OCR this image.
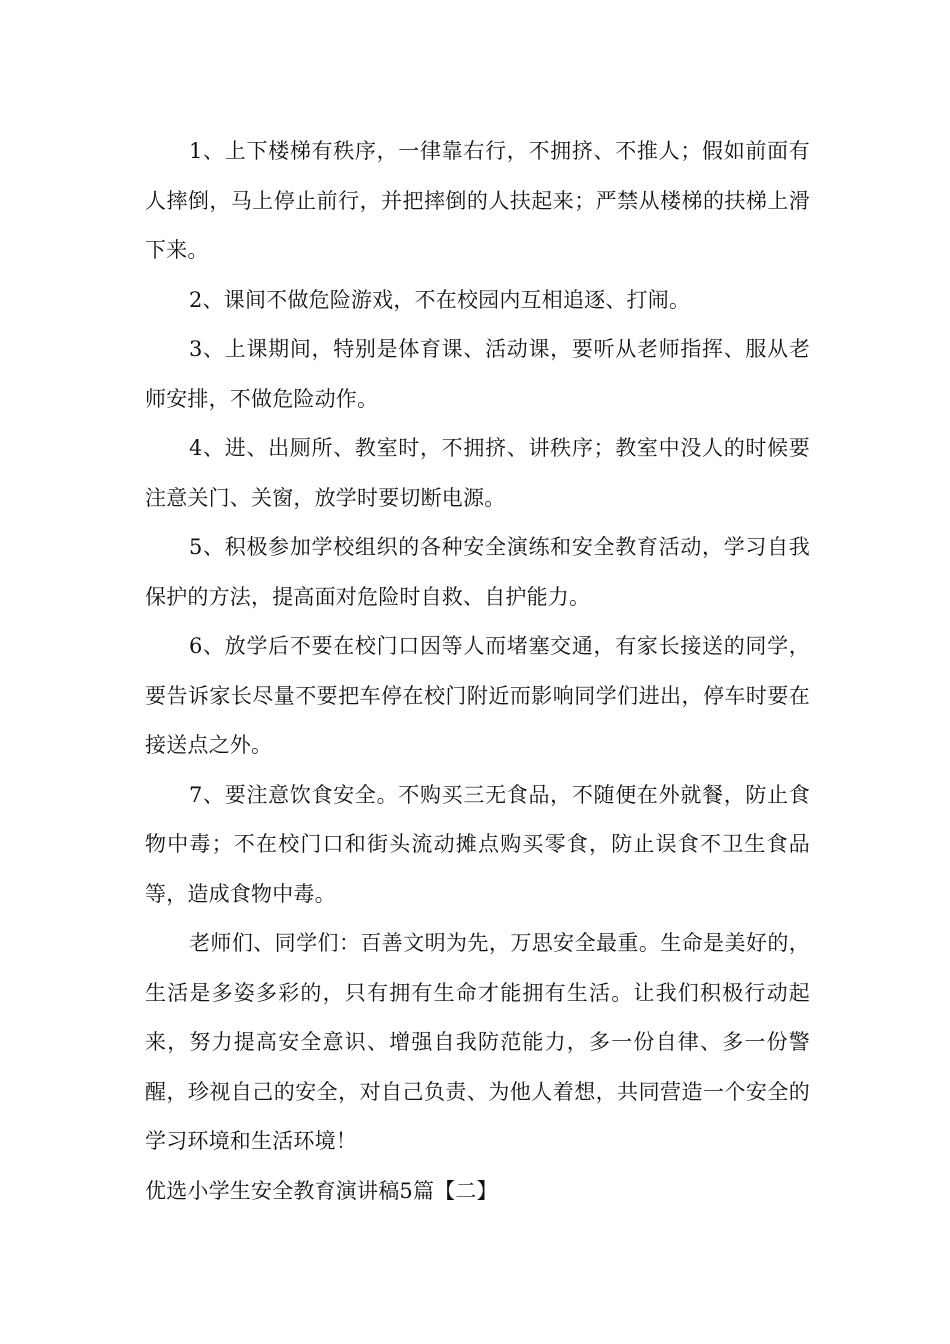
1、上下楼梯有秩序，一律靠右行，不拥挤、不推人；假如前面有人摔倒，马上停止前行，并把摔倒的人扶起来；严禁从楼梯的扶梯上滑下来。

2、课间不做危险游戏，不在校园内互相追逐、打闹。

3、上课期间，特别是体育课、活动课，要听从老师指挥、服从老师安排，不做危险动作。

4、进、出厕所、教室时，不拥挤、讲秩序；教室中没人的时候要注意关门、关窗，放学时要切断电源。

5、积极参加学校组织的各种安全演练和安全教育活动，学习自我保护的方法，提高面对危险时自救、自护能力。

6、放学后不要在校门口因等人而堵塞交通，有家长接送的同学，要告诉家长尽量不要把车停在校门附近而影响同学们进出，停车时要在接送点之外。

7、要注意饮食安全。不购买三无食品，不随便在外就餐，防止食物中毒；不在校门口和街头流动摊点购买零食，防止误食不卫生食品等，造成食物中毒。

老师们、同学们：百善文明为先，万思安全最重。生命是美好的，生活是多姿多彩的，只有拥有生命才能拥有生活。让我们积极行动起来，努力提高安全意识、增强自我防范能力，多一份自律、多一份警醒，珍视自己的安全，对自己负责、为他人着想，共同营造一个安全的学习环境和生活环境！

优选小学生安全教育演讲稿5篇【二】
